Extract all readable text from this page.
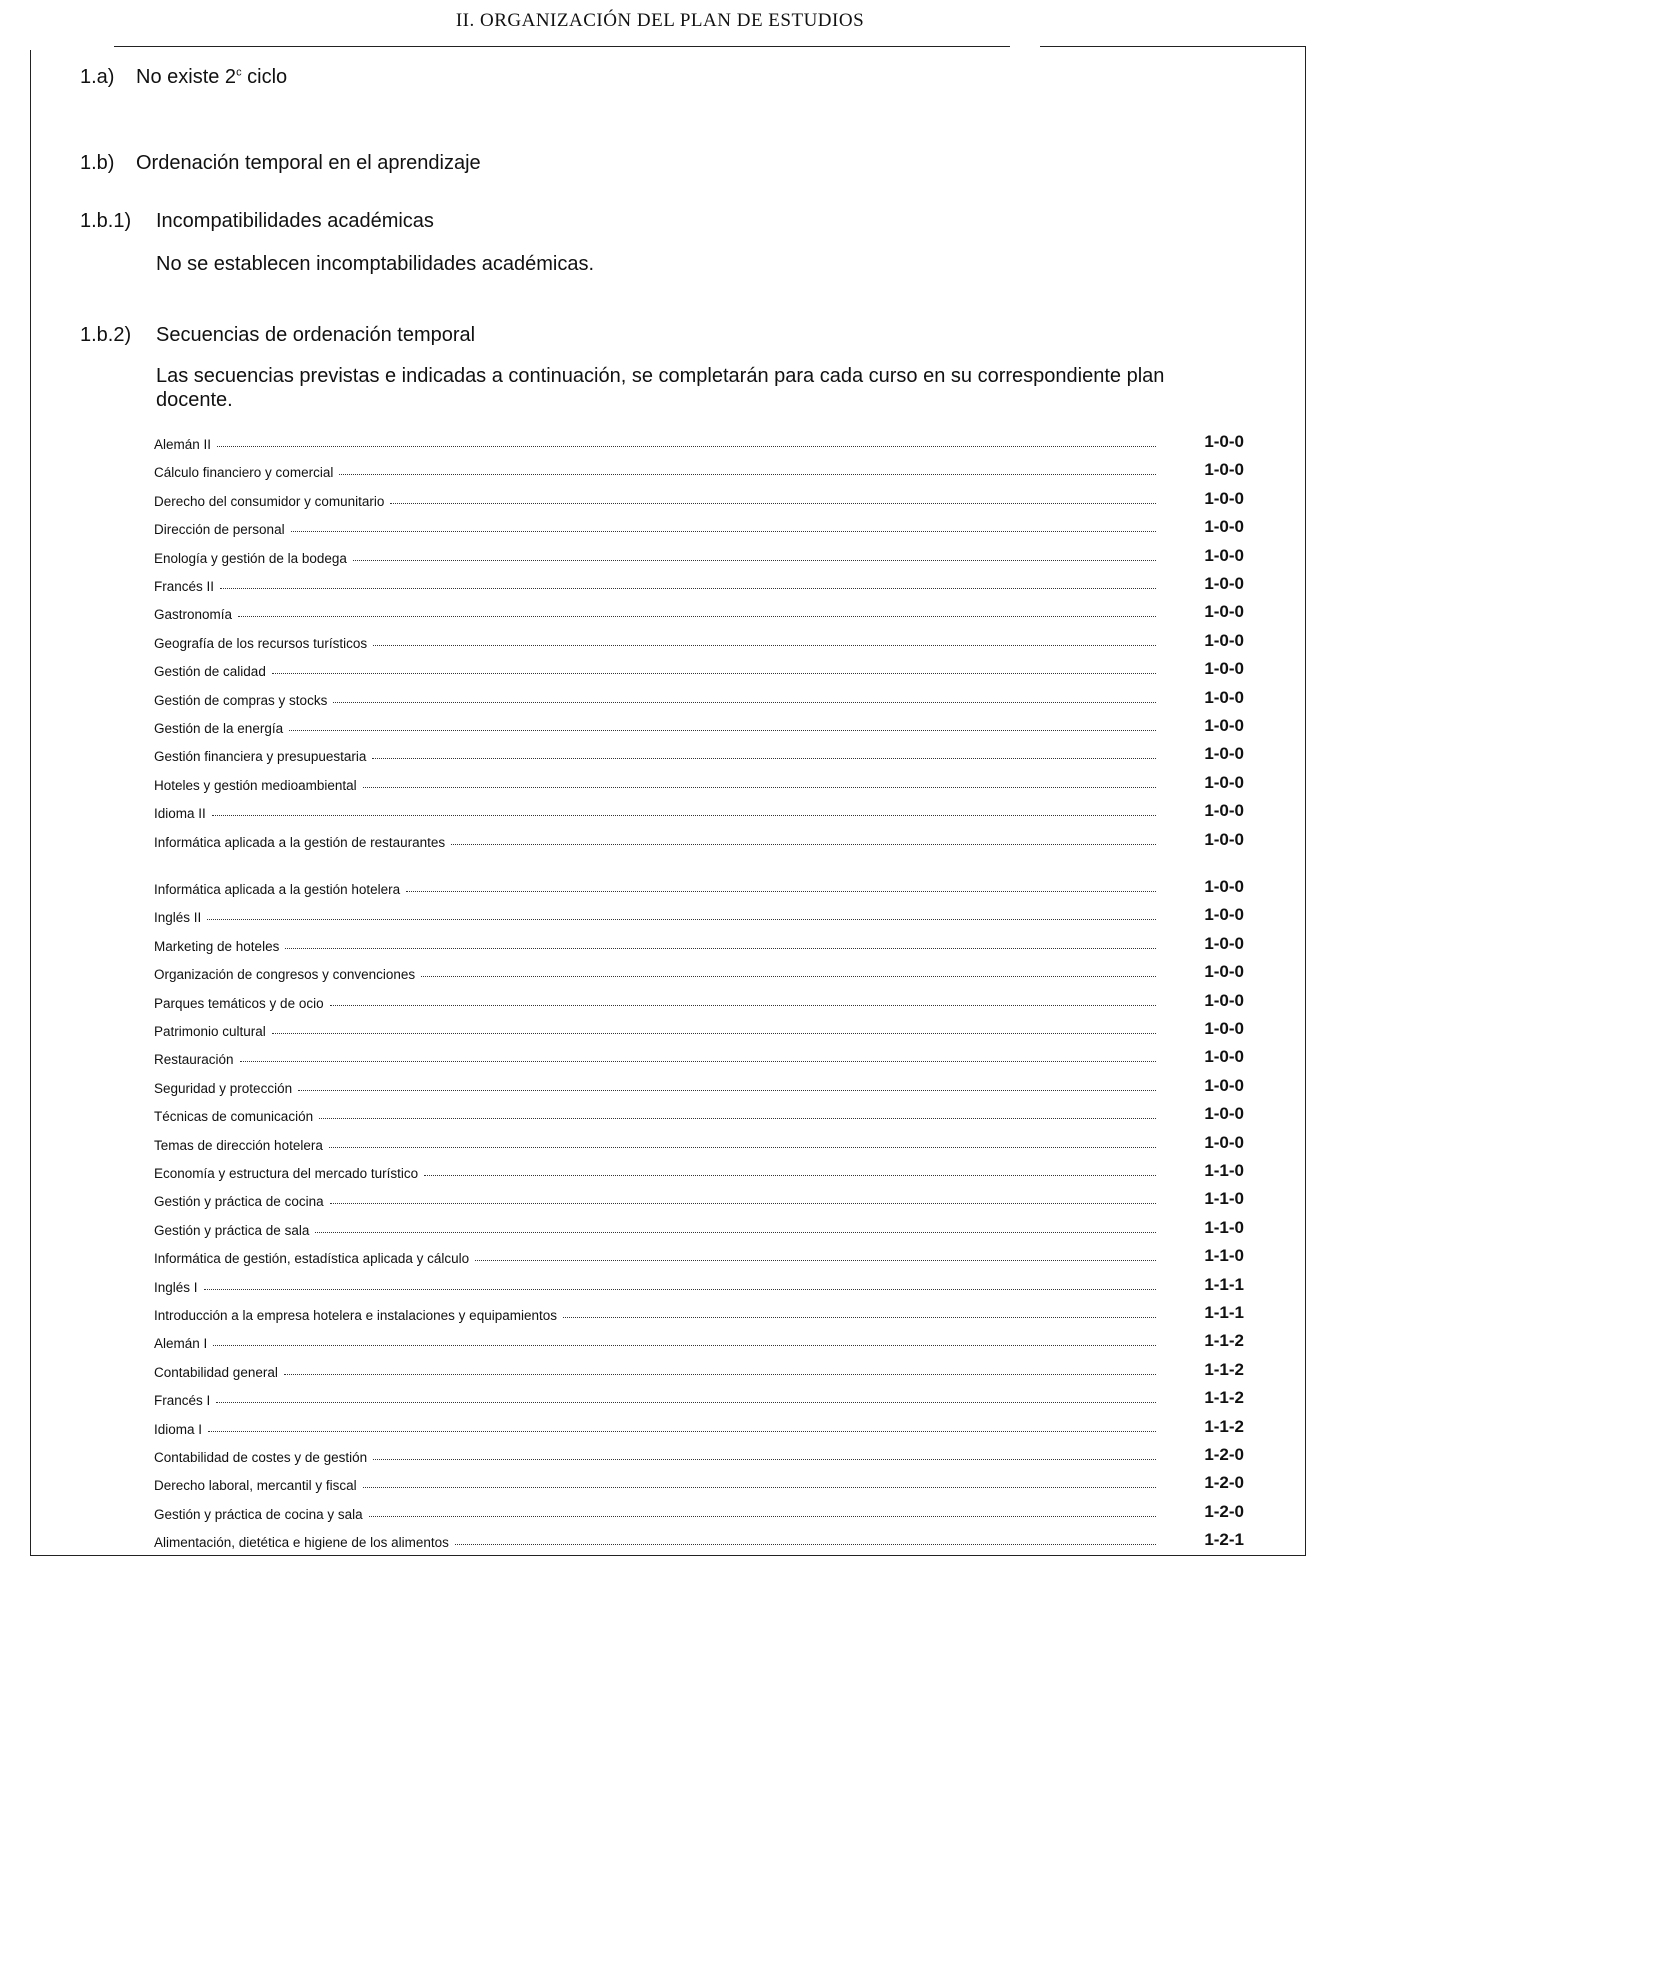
II. ORGANIZACIÓN DEL PLAN DE ESTUDIOS
1.a) No existe 2$^c$ ciclo
1.b) Ordenación temporal en el aprendizaje
1.b.1) Incompatibilidades académicas
No se establecen incomptabilidades académicas.
1.b.2) Secuencias de ordenación temporal
Las secuencias previstas e indicadas a continuación, se completarán para cada curso en su correspondiente plan docente.
Alemán II	1-0-0
Cálculo financiero y comercial	1-0-0
Derecho del consumidor y comunitario	1-0-0
Dirección de personal	1-0-0
Enología y gestión de la bodega	1-0-0
Francés II	1-0-0
Gastronomía	1-0-0
Geografía de los recursos turísticos	1-0-0
Gestión de calidad	1-0-0
Gestión de compras y stocks	1-0-0
Gestión de la energía	1-0-0
Gestión financiera y presupuestaria	1-0-0
Hoteles y gestión medioambiental	1-0-0
Idioma II	1-0-0
Informática aplicada a la gestión de restaurantes	1-0-0
Informática aplicada a la gestión hotelera	1-0-0
Inglés II	1-0-0
Marketing de hoteles	1-0-0
Organización de congresos y convenciones	1-0-0
Parques temáticos y de ocio	1-0-0
Patrimonio cultural	1-0-0
Restauración	1-0-0
Seguridad y protección	1-0-0
Técnicas de comunicación	1-0-0
Temas de dirección hotelera	1-0-0
Economía y estructura del mercado turístico	1-1-0
Gestión y práctica de cocina	1-1-0
Gestión y práctica de sala	1-1-0
Informática de gestión, estadística aplicada y cálculo	1-1-0
Inglés I	1-1-1
Introducción a la empresa hotelera e instalaciones y equipamientos	1-1-1
Alemán I	1-1-2
Contabilidad general	1-1-2
Francés I	1-1-2
Idioma I	1-1-2
Contabilidad de costes y de gestión	1-2-0
Derecho laboral, mercantil y fiscal	1-2-0
Gestión y práctica de cocina y sala	1-2-0
Alimentación, dietética e higiene de los alimentos	1-2-1
